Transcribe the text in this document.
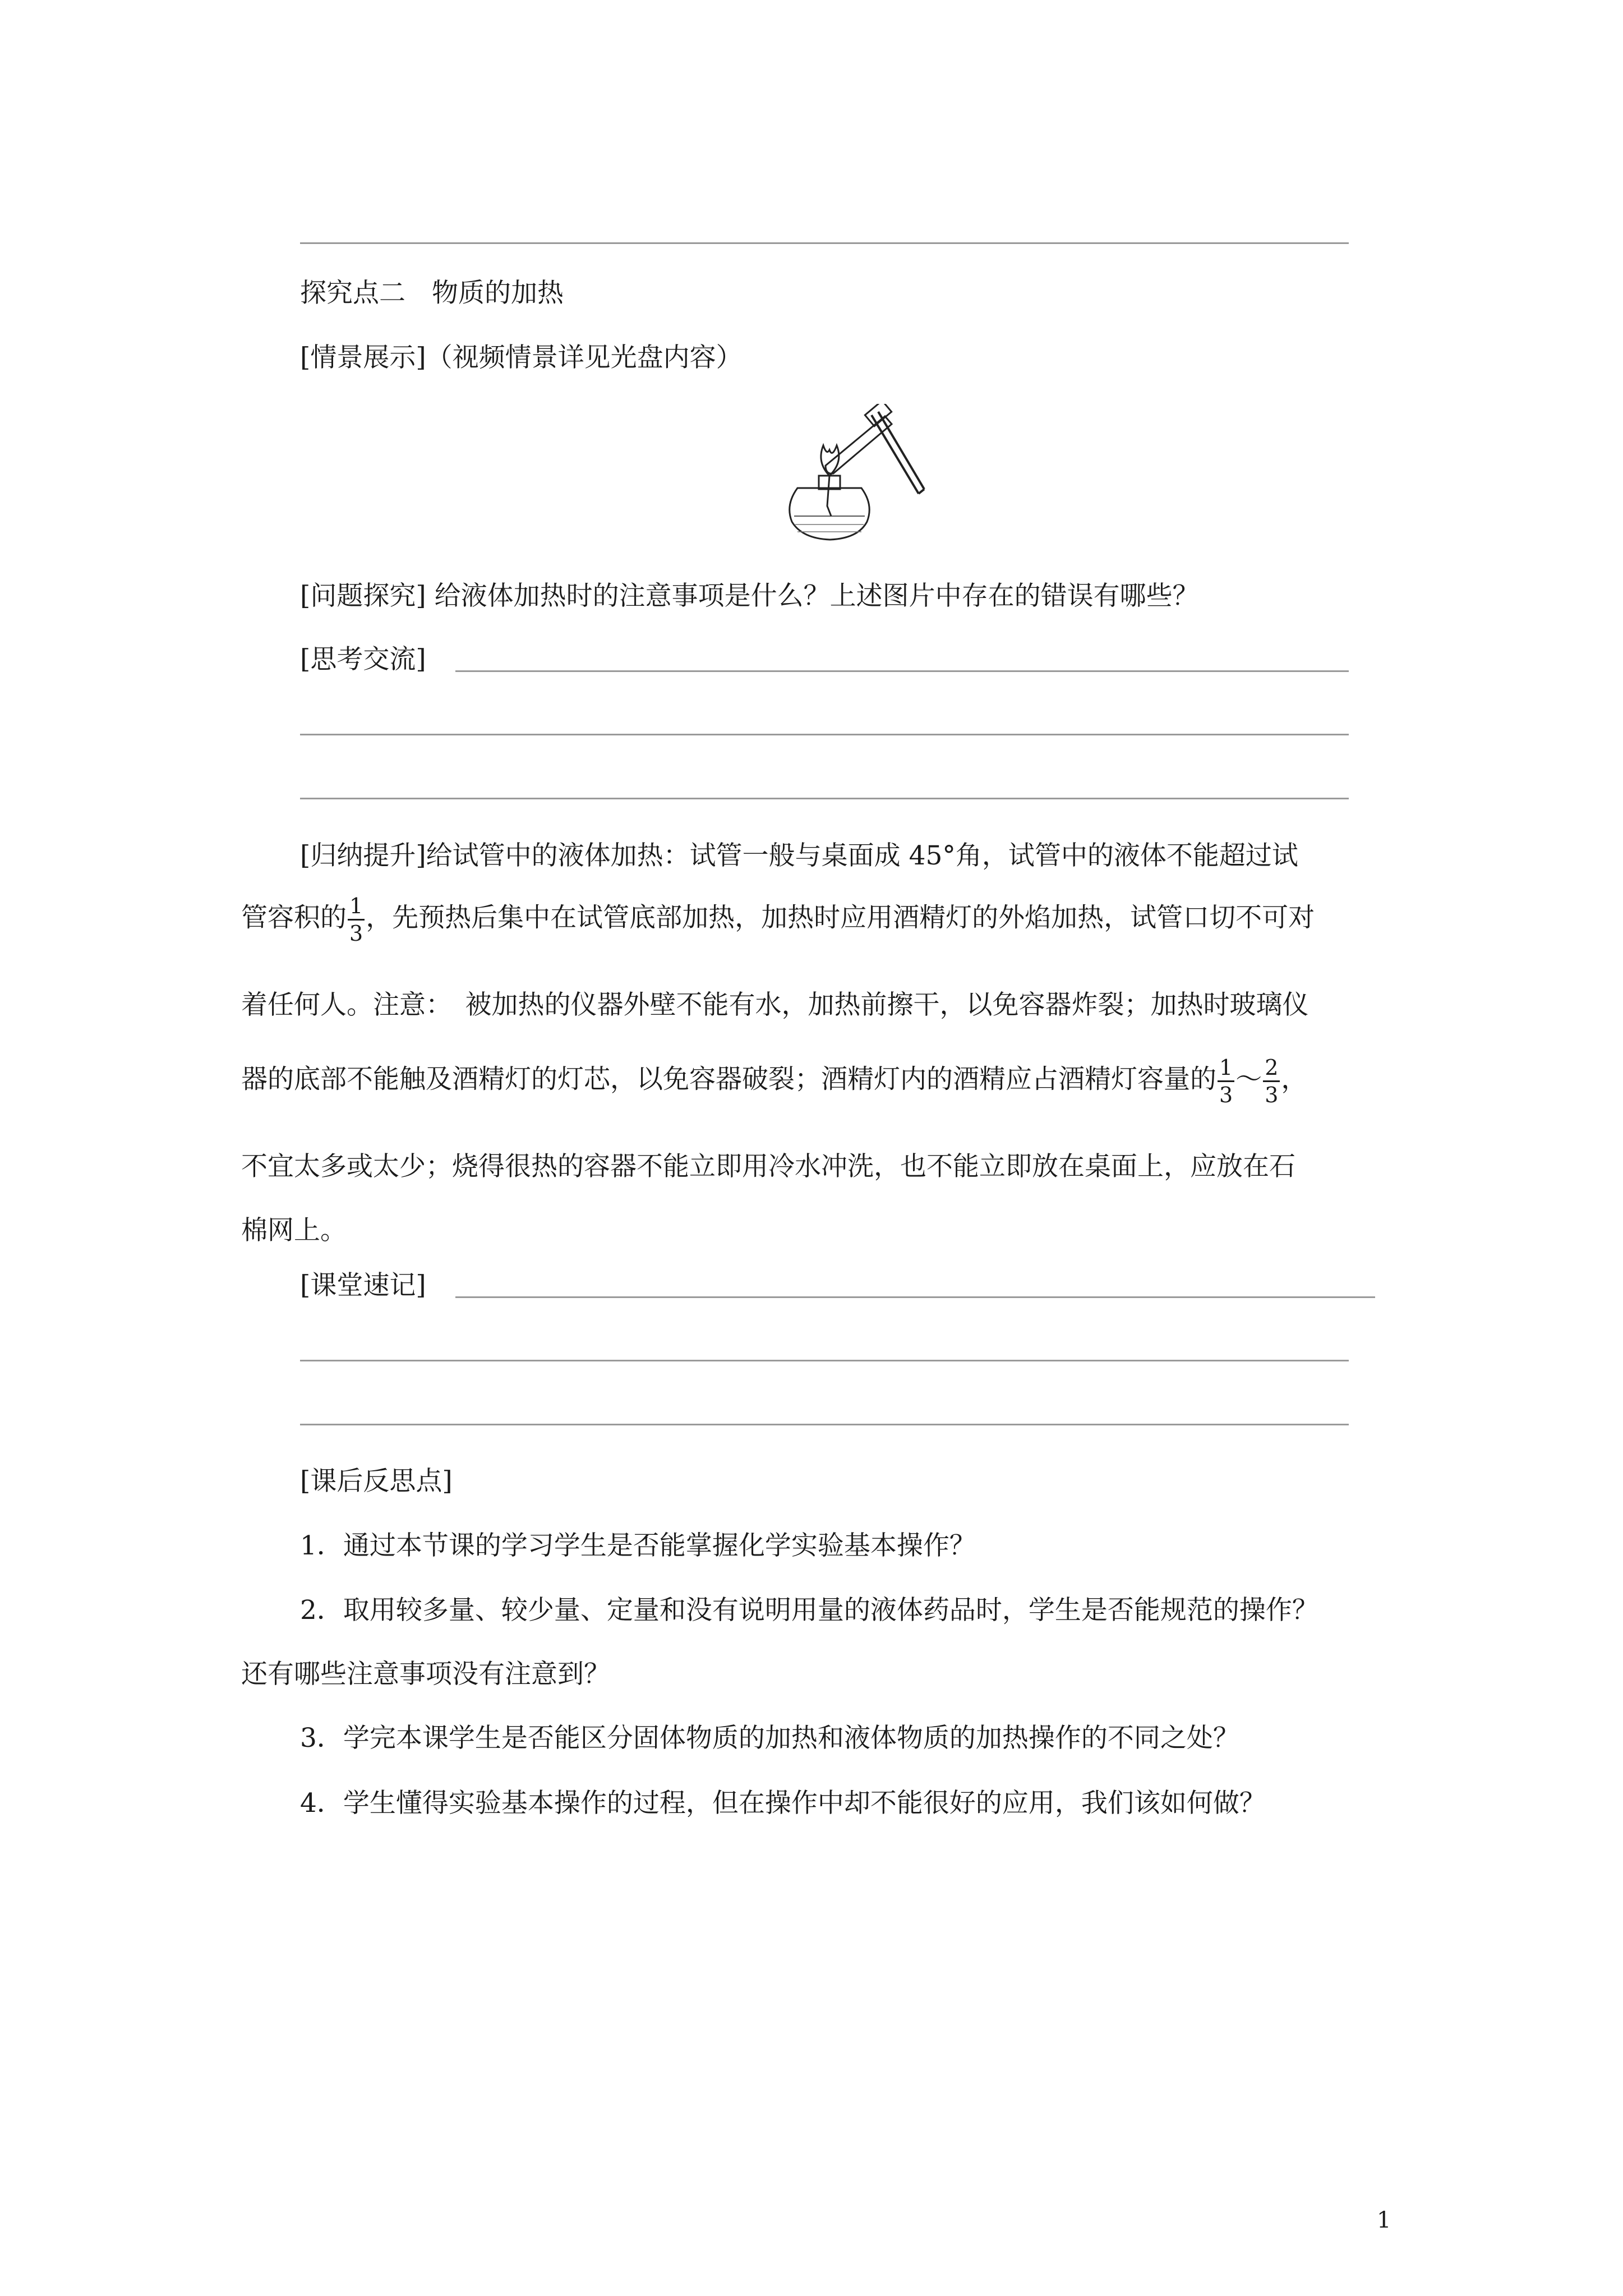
探究点二　物质的加热
[情景展示]（视频情景详见光盘内容）
[问题探究] 给液体加热时的注意事项是什么？上述图片中存在的错误有哪些？
[思考交流]
[归纳提升]给试管中的液体加热：试管一般与桌面成 45°角，试管中的液体不能超过试
管容积的 $\frac{1}{3}$ ，先预热后集中在试管底部加热，加热时应用酒精灯的外焰加热，试管口切不可对
着任何人。注意：　被加热的仪器外壁不能有水，加热前擦干，以免容器炸裂；加热时玻璃仪
器的底部不能触及酒精灯的灯芯，以免容器破裂；酒精灯内的酒精应占酒精灯容量的 $\frac{1}{3}$ ～ $\frac{2}{3}$ ，
不宜太多或太少；烧得很热的容器不能立即用冷水冲洗，也不能立即放在桌面上，应放在石
棉网上。
[课堂速记]
[课后反思点]
1．通过本节课的学习学生是否能掌握化学实验基本操作？
2．取用较多量、较少量、定量和没有说明用量的液体药品时，学生是否能规范的操作？
还有哪些注意事项没有注意到？
3．学完本课学生是否能区分固体物质的加热和液体物质的加热操作的不同之处？
4．学生懂得实验基本操作的过程，但在操作中却不能很好的应用，我们该如何做？
1
